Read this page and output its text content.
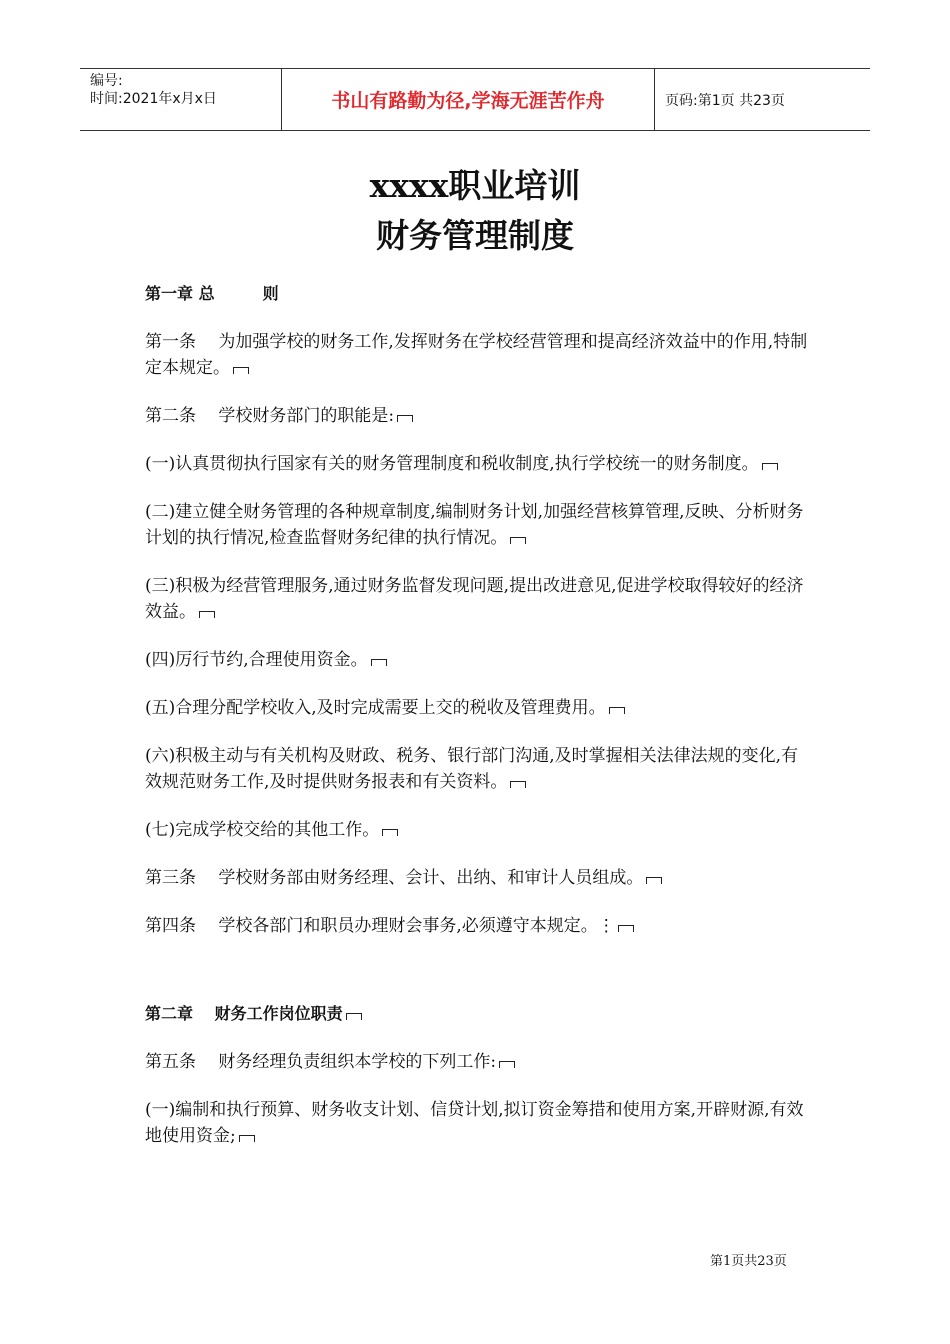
编号:
时间:2021年x月x日	书山有路勤为径,学海无涯苦作舟	页码:第1页 共23页
xxxx职业培训
财务管理制度

第一章 总　　　则

第一条　 为加强学校的财务工作,发挥财务在学校经营管理和提高经济效益中的作用,特制定本规定。

第二条　 学校财务部门的职能是:

(一)认真贯彻执行国家有关的财务管理制度和税收制度,执行学校统一的财务制度。

(二)建立健全财务管理的各种规章制度,编制财务计划,加强经营核算管理,反映、分析财务计划的执行情况,检查监督财务纪律的执行情况。

(三)积极为经营管理服务,通过财务监督发现问题,提出改进意见,促进学校取得较好的经济效益。

(四)厉行节约,合理使用资金。

(五)合理分配学校收入,及时完成需要上交的税收及管理费用。

(六)积极主动与有关机构及财政、税务、银行部门沟通,及时掌握相关法律法规的变化,有效规范财务工作,及时提供财务报表和有关资料。

(七)完成学校交给的其他工作。

第三条　 学校财务部由财务经理、会计、出纳、和审计人员组成。

第四条　 学校各部门和职员办理财会事务,必须遵守本规定。⋮

第二章　 财务工作岗位职责

第五条　 财务经理负责组织本学校的下列工作:

(一)编制和执行预算、财务收支计划、信贷计划,拟订资金筹措和使用方案,开辟财源,有效地使用资金;

第1页共23页
